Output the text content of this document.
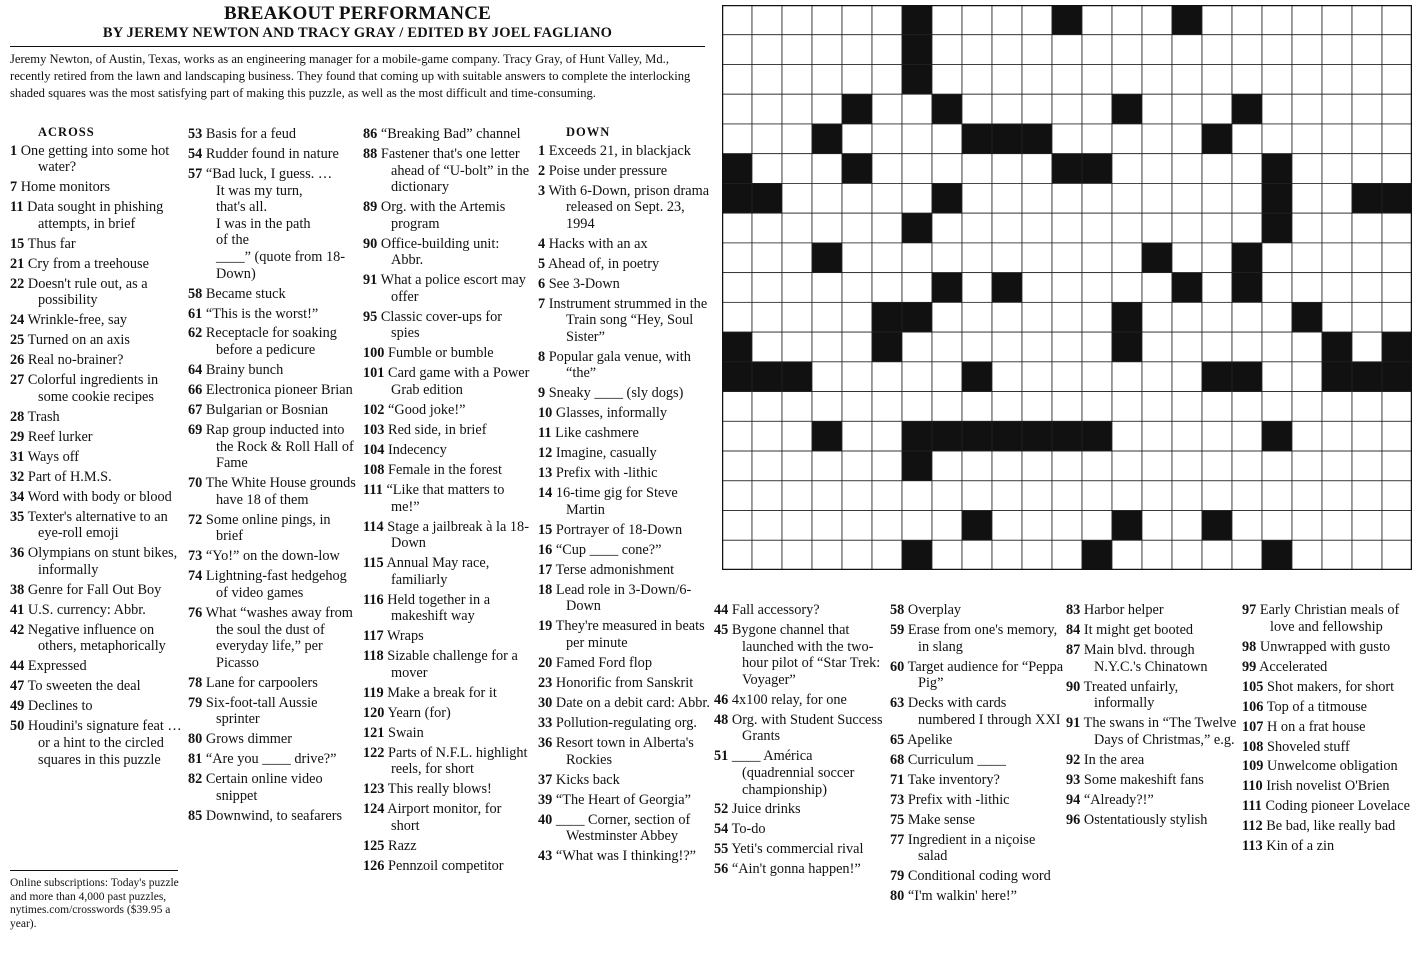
BREAKOUT PERFORMANCE
BY JEREMY NEWTON AND TRACY GRAY / EDITED BY JOEL FAGLIANO
Jeremy Newton, of Austin, Texas, works as an engineering manager for a mobile-game company. Tracy Gray, of Hunt Valley, Md., recently retired from the lawn and landscaping business. They found that coming up with suitable answers to complete the interlocking shaded squares was the most satisfying part of making this puzzle, as well as the most difficult and time-consuming.
ACROSS
1 One getting into some hot water?
7 Home monitors
11 Data sought in phishing attempts, in brief
15 Thus far
21 Cry from a treehouse
22 Doesn't rule out, as a possibility
24 Wrinkle-free, say
25 Turned on an axis
26 Real no-brainer?
27 Colorful ingredients in some cookie recipes
28 Trash
29 Reef lurker
31 Ways off
32 Part of H.M.S.
34 Word with body or blood
35 Texter's alternative to an eye-roll emoji
36 Olympians on stunt bikes, informally
38 Genre for Fall Out Boy
41 U.S. currency: Abbr.
42 Negative influence on others, metaphorically
44 Expressed
47 To sweeten the deal
49 Declines to
50 Houdini's signature feat … or a hint to the circled squares in this puzzle
53 Basis for a feud
54 Rudder found in nature
57 “Bad luck, I guess. …
It was my turn,
that's all.
I was in the path
of the
____” (quote from 18-Down)
58 Became stuck
61 “This is the worst!”
62 Receptacle for soaking before a pedicure
64 Brainy bunch
66 Electronica pioneer Brian
67 Bulgarian or Bosnian
69 Rap group inducted into the Rock & Roll Hall of Fame
70 The White House grounds have 18 of them
72 Some online pings, in brief
73 “Yo!” on the down-low
74 Lightning-fast hedgehog of video games
76 What “washes away from the soul the dust of everyday life,” per Picasso
78 Lane for carpoolers
79 Six-foot-tall Aussie sprinter
80 Grows dimmer
81 “Are you ____ drive?”
82 Certain online video snippet
85 Downwind, to seafarers
86 “Breaking Bad” channel
88 Fastener that's one letter ahead of “U-bolt” in the dictionary
89 Org. with the Artemis program
90 Office-building unit: Abbr.
91 What a police escort may offer
95 Classic cover-ups for spies
100 Fumble or bumble
101 Card game with a Power Grab edition
102 “Good joke!”
103 Red side, in brief
104 Indecency
108 Female in the forest
111 “Like that matters to me!”
114 Stage a jailbreak à la 18-Down
115 Annual May race, familiarly
116 Held together in a makeshift way
117 Wraps
118 Sizable challenge for a mover
119 Make a break for it
120 Yearn (for)
121 Swain
122 Parts of N.F.L. highlight reels, for short
123 This really blows!
124 Airport monitor, for short
125 Razz
126 Pennzoil competitor
DOWN
1 Exceeds 21, in blackjack
2 Poise under pressure
3 With 6-Down, prison drama released on Sept. 23, 1994
4 Hacks with an ax
5 Ahead of, in poetry
6 See 3-Down
7 Instrument strummed in the Train song “Hey, Soul Sister”
8 Popular gala venue, with “the”
9 Sneaky ____ (sly dogs)
10 Glasses, informally
11 Like cashmere
12 Imagine, casually
13 Prefix with -lithic
14 16-time gig for Steve Martin
15 Portrayer of 18-Down
16 “Cup ____ cone?”
17 Terse admonishment
18 Lead role in 3-Down/6-Down
19 They're measured in beats per minute
20 Famed Ford flop
23 Honorific from Sanskrit
30 Date on a debit card: Abbr.
33 Pollution-regulating org.
36 Resort town in Alberta's Rockies
37 Kicks back
39 “The Heart of Georgia”
40 ____ Corner, section of Westminster Abbey
43 “What was I thinking!?”
44 Fall accessory?
45 Bygone channel that launched with the two-hour pilot of “Star Trek: Voyager”
46 4x100 relay, for one
48 Org. with Student Success Grants
51 ____ América (quadrennial soccer championship)
52 Juice drinks
54 To-do
55 Yeti's commercial rival
56 “Ain't gonna happen!”
58 Overplay
59 Erase from one's memory, in slang
60 Target audience for “Peppa Pig”
63 Decks with cards numbered I through XXI
65 Apelike
68 Curriculum ____
71 Take inventory?
73 Prefix with -lithic
75 Make sense
77 Ingredient in a niçoise salad
79 Conditional coding word
80 “I'm walkin' here!”
83 Harbor helper
84 It might get booted
87 Main blvd. through N.Y.C.'s Chinatown
90 Treated unfairly, informally
91 The swans in “The Twelve Days of Christmas,” e.g.
92 In the area
93 Some makeshift fans
94 “Already?!”
96 Ostentatiously stylish
97 Early Christian meals of love and fellowship
98 Unwrapped with gusto
99 Accelerated
105 Shot makers, for short
106 Top of a titmouse
107 H on a frat house
108 Shoveled stuff
109 Unwelcome obligation
110 Irish novelist O'Brien
111 Coding pioneer Lovelace
112 Be bad, like really bad
113 Kin of a zin
Online subscriptions: Today's puzzle and more than 4,000 past puzzles, nytimes.com/crosswords ($39.95 a year).
